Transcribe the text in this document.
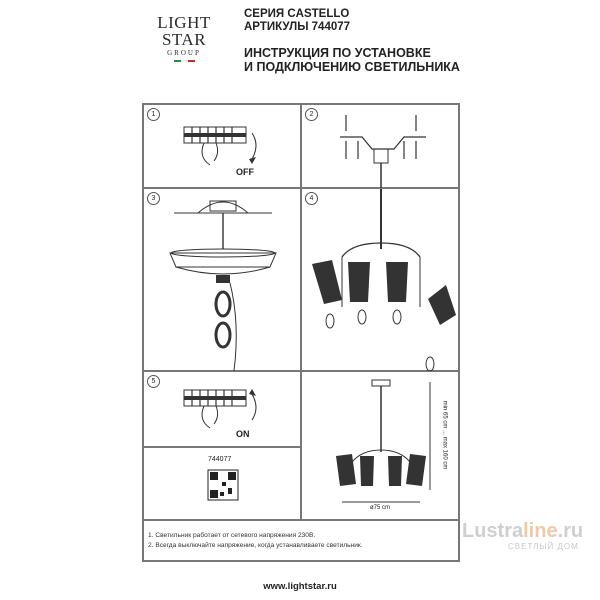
LIGHT
STAR
GROUP
СЕРИЯ CASTELLO
АРТИКУЛЫ 744077
ИНСТРУКЦИЯ ПО УСТАНОВКЕ
И ПОДКЛЮЧЕНИЮ СВЕТИЛЬНИКА
1
OFF
2
3	4
5
ON	min 65 cm ... max 160 cm
ø75 cm
744077
1. Светильник работает от сетевого напряжения 230В.
2. Всегда выключайте напряжение, когда устанавливаете светильник.
Lustraline.ru
СВЕТЛЫЙ ДОМ
www.lightstar.ru
